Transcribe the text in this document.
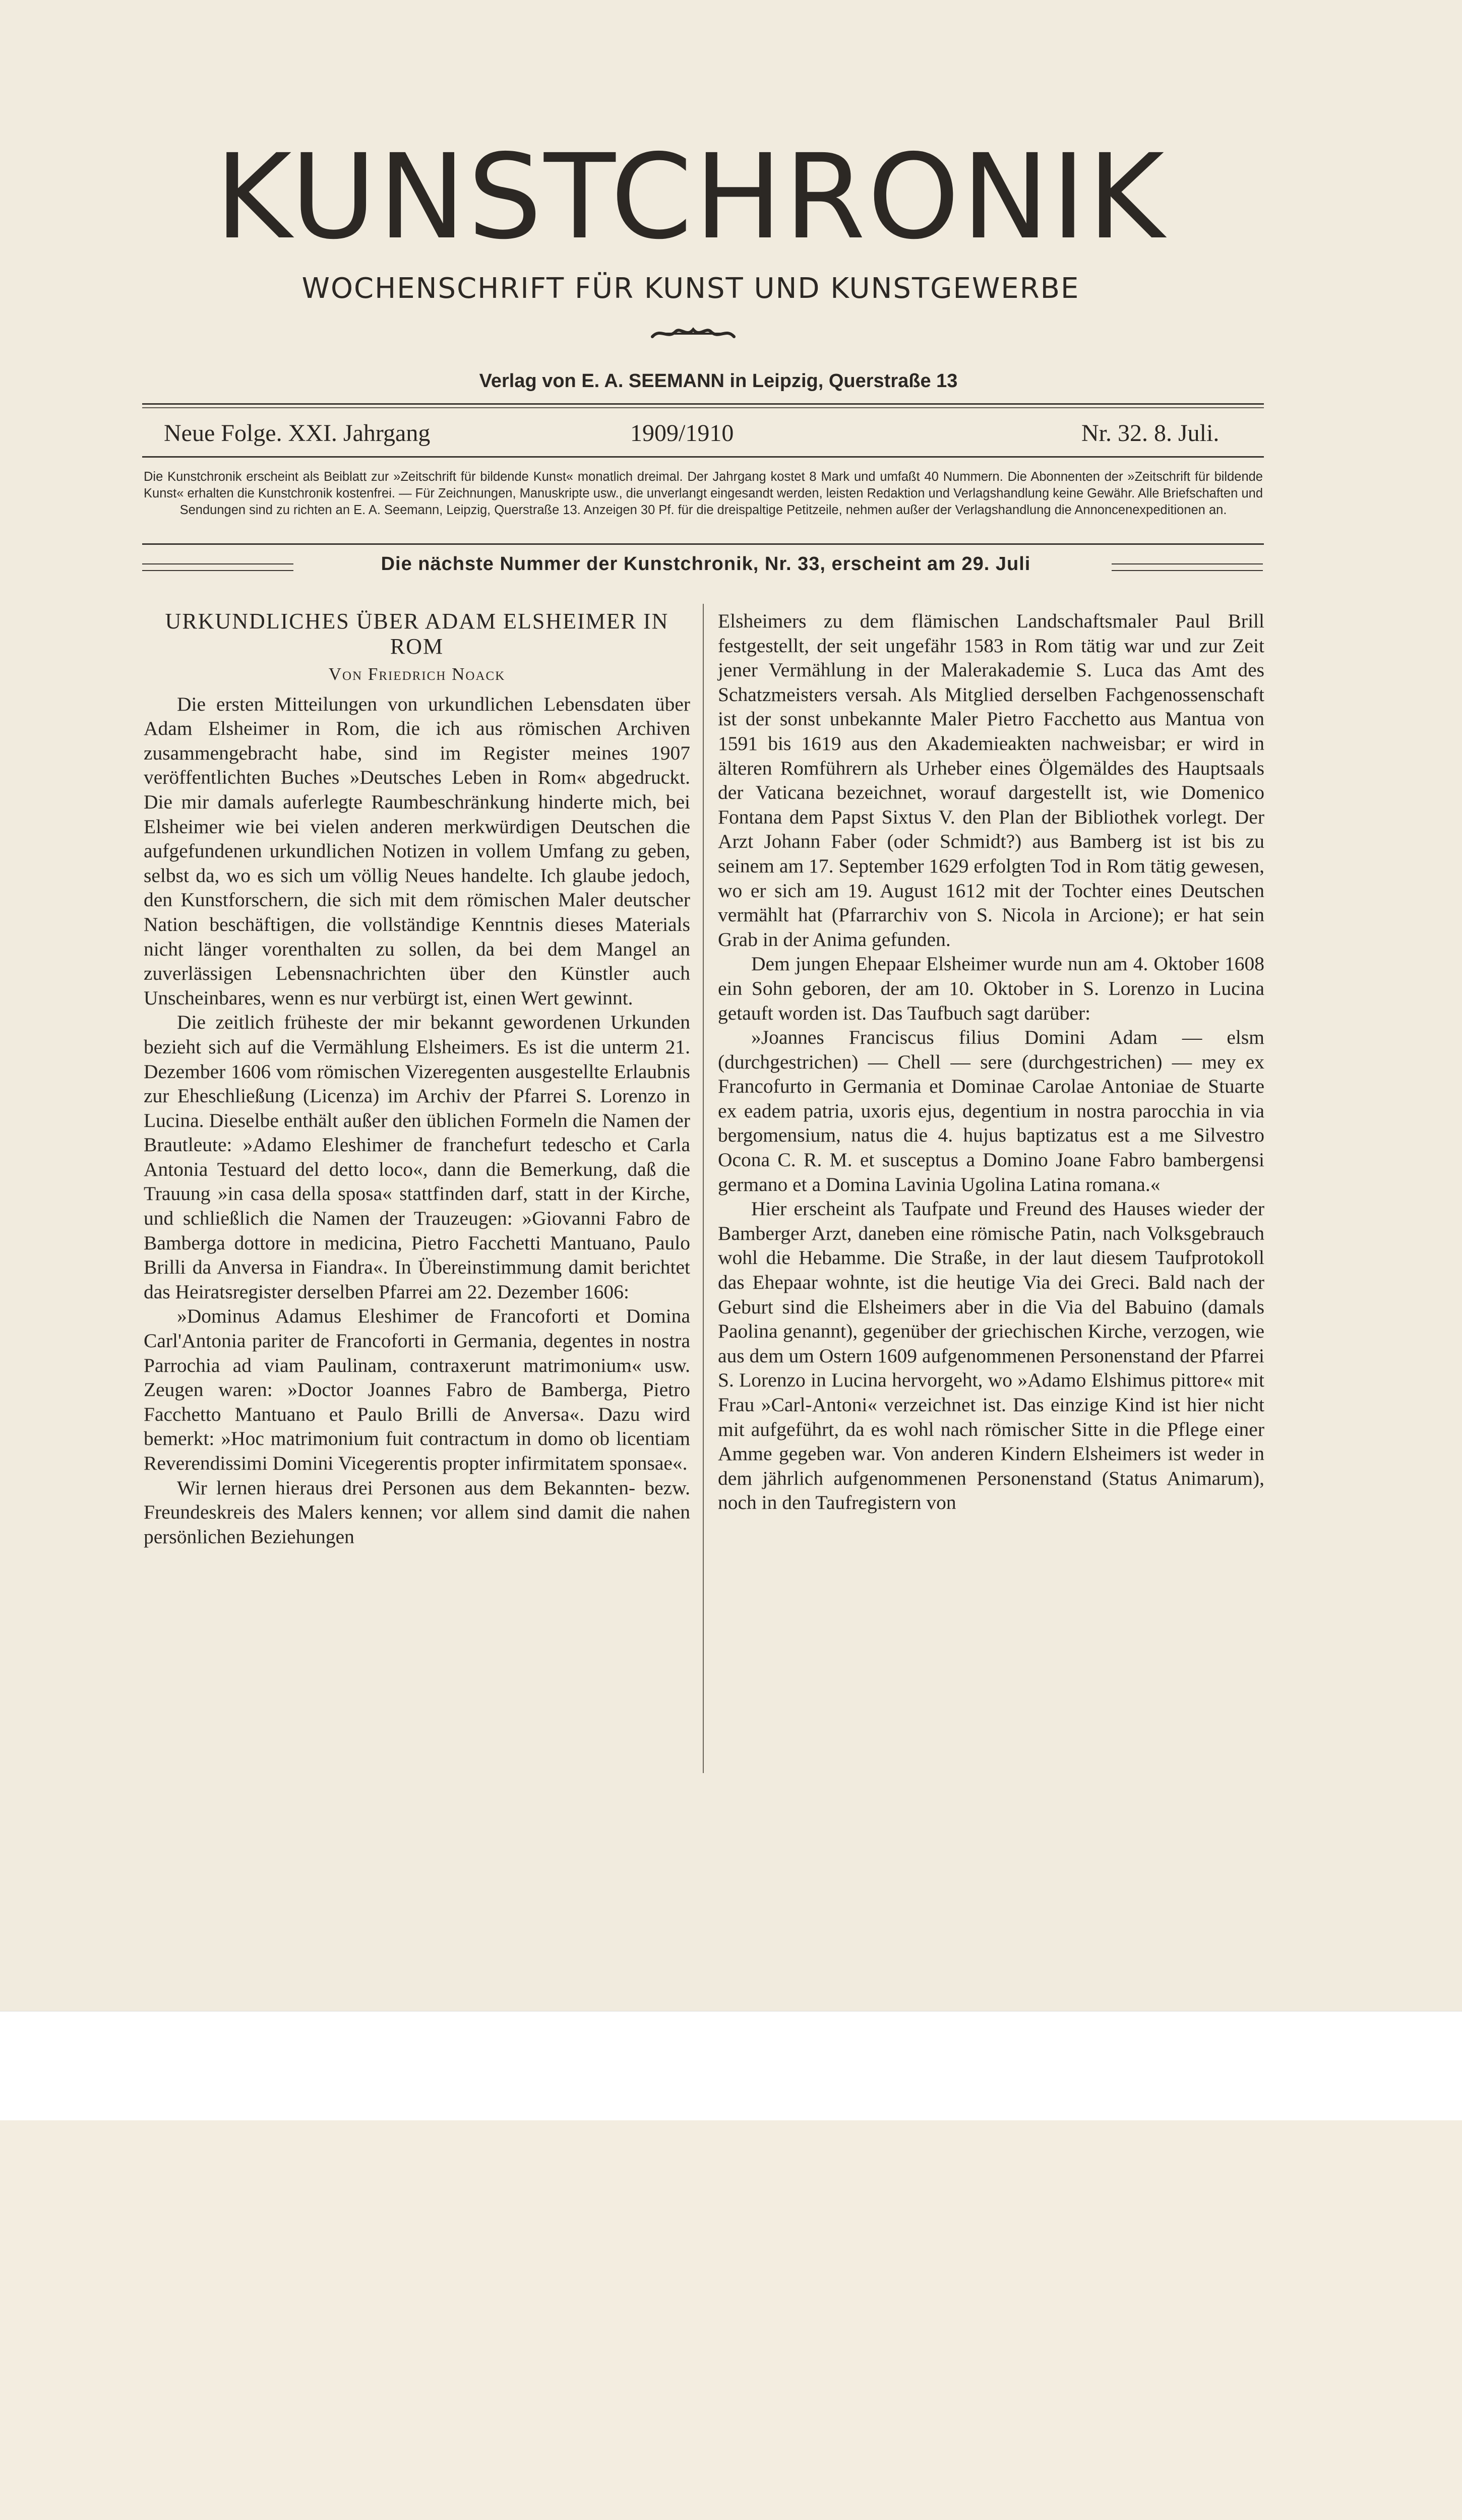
KUNSTCHRONIK
WOCHENSCHRIFT FÜR KUNST UND KUNSTGEWERBE
Verlag von E. A. SEEMANN in Leipzig, Querstraße 13
Neue Folge. XXI. Jahrgang	1909/1910	Nr. 32. 8. Juli.

Die Kunstchronik erscheint als Beiblatt zur »Zeitschrift für bildende Kunst« monatlich dreimal. Der Jahrgang kostet 8 Mark und umfaßt 40 Nummern. Die Abonnenten der »Zeitschrift für bildende Kunst« erhalten die Kunstchronik kostenfrei. — Für Zeichnungen, Manuskripte usw., die unverlangt eingesandt werden, leisten Redaktion und Verlagshandlung keine Gewähr. Alle Briefschaften und Sendungen sind zu richten an E. A. Seemann, Leipzig, Querstraße 13. Anzeigen 30 Pf. für die dreispaltige Petitzeile, nehmen außer der Verlagshandlung die Annoncenexpeditionen an.

Die nächste Nummer der Kunstchronik, Nr. 33, erscheint am 29. Juli
URKUNDLICHES ÜBER ADAM ELSHEIMER IN ROM
Von Friedrich Noack

Die ersten Mitteilungen von urkundlichen Lebensdaten über Adam Elsheimer in Rom, die ich aus römischen Archiven zusammengebracht habe, sind im Register meines 1907 veröffentlichten Buches »Deutsches Leben in Rom« abgedruckt. Die mir damals auferlegte Raumbeschränkung hinderte mich, bei Elsheimer wie bei vielen anderen merkwürdigen Deutschen die aufgefundenen urkundlichen Notizen in vollem Umfang zu geben, selbst da, wo es sich um völlig Neues handelte. Ich glaube jedoch, den Kunstforschern, die sich mit dem römischen Maler deutscher Nation beschäftigen, die vollständige Kenntnis dieses Materials nicht länger vorenthalten zu sollen, da bei dem Mangel an zuverlässigen Lebensnachrichten über den Künstler auch Unscheinbares, wenn es nur verbürgt ist, einen Wert gewinnt.

Die zeitlich früheste der mir bekannt gewordenen Urkunden bezieht sich auf die Vermählung Elsheimers. Es ist die unterm 21. Dezember 1606 vom römischen Vizeregenten ausgestellte Erlaubnis zur Eheschließung (Licenza) im Archiv der Pfarrei S. Lorenzo in Lucina. Dieselbe enthält außer den üblichen Formeln die Namen der Brautleute: »Adamo Eleshimer de franchefurt tedescho et Carla Antonia Testuard del detto loco«, dann die Bemerkung, daß die Trauung »in casa della sposa« stattfinden darf, statt in der Kirche, und schließlich die Namen der Trauzeugen: »Giovanni Fabro de Bamberga dottore in medicina, Pietro Facchetti Mantuano, Paulo Brilli da Anversa in Fiandra«. In Übereinstimmung damit berichtet das Heiratsregister derselben Pfarrei am 22. Dezember 1606:

»Dominus Adamus Eleshimer de Francoforti et Domina Carl'Antonia pariter de Francoforti in Germania, degentes in nostra Parrochia ad viam Paulinam, contraxerunt matrimonium« usw. Zeugen waren: »Doctor Joannes Fabro de Bamberga, Pietro Facchetto Mantuano et Paulo Brilli de Anversa«. Dazu wird bemerkt: »Hoc matrimonium fuit contractum in domo ob licentiam Reverendissimi Domini Vicegerentis propter infirmitatem sponsae«.

Wir lernen hieraus drei Personen aus dem Bekannten- bezw. Freundeskreis des Malers kennen; vor allem sind damit die nahen persönlichen Beziehungen

Elsheimers zu dem flämischen Landschaftsmaler Paul Brill festgestellt, der seit ungefähr 1583 in Rom tätig war und zur Zeit jener Vermählung in der Malerakademie S. Luca das Amt des Schatzmeisters versah. Als Mitglied derselben Fachgenossenschaft ist der sonst unbekannte Maler Pietro Facchetto aus Mantua von 1591 bis 1619 aus den Akademieakten nachweisbar; er wird in älteren Romführern als Urheber eines Ölgemäldes des Hauptsaals der Vaticana bezeichnet, worauf dargestellt ist, wie Domenico Fontana dem Papst Sixtus V. den Plan der Bibliothek vorlegt. Der Arzt Johann Faber (oder Schmidt?) aus Bamberg ist ist bis zu seinem am 17. September 1629 erfolgten Tod in Rom tätig gewesen, wo er sich am 19. August 1612 mit der Tochter eines Deutschen vermählt hat (Pfarrarchiv von S. Nicola in Arcione); er hat sein Grab in der Anima gefunden.

Dem jungen Ehepaar Elsheimer wurde nun am 4. Oktober 1608 ein Sohn geboren, der am 10. Oktober in S. Lorenzo in Lucina getauft worden ist. Das Taufbuch sagt darüber:

»Joannes Franciscus filius Domini Adam — elsm (durchgestrichen) — Chell — sere (durchgestrichen) — mey ex Francofurto in Germania et Dominae Carolae Antoniae de Stuarte ex eadem patria, uxoris ejus, degentium in nostra parocchia in via bergomensium, natus die 4. hujus baptizatus est a me Silvestro Ocona C. R. M. et susceptus a Domino Joane Fabro bambergensi germano et a Domina Lavinia Ugolina Latina romana.«

Hier erscheint als Taufpate und Freund des Hauses wieder der Bamberger Arzt, daneben eine römische Patin, nach Volksgebrauch wohl die Hebamme. Die Straße, in der laut diesem Taufprotokoll das Ehepaar wohnte, ist die heutige Via dei Greci. Bald nach der Geburt sind die Elsheimers aber in die Via del Babuino (damals Paolina genannt), gegenüber der griechischen Kirche, verzogen, wie aus dem um Ostern 1609 aufgenommenen Personenstand der Pfarrei S. Lorenzo in Lucina hervorgeht, wo »Adamo Elshimus pittore« mit Frau »Carl-Antoni« verzeichnet ist. Das einzige Kind ist hier nicht mit aufgeführt, da es wohl nach römischer Sitte in die Pflege einer Amme gegeben war. Von anderen Kindern Elsheimers ist weder in dem jährlich aufgenommenen Personenstand (Status Animarum), noch in den Taufregistern von
